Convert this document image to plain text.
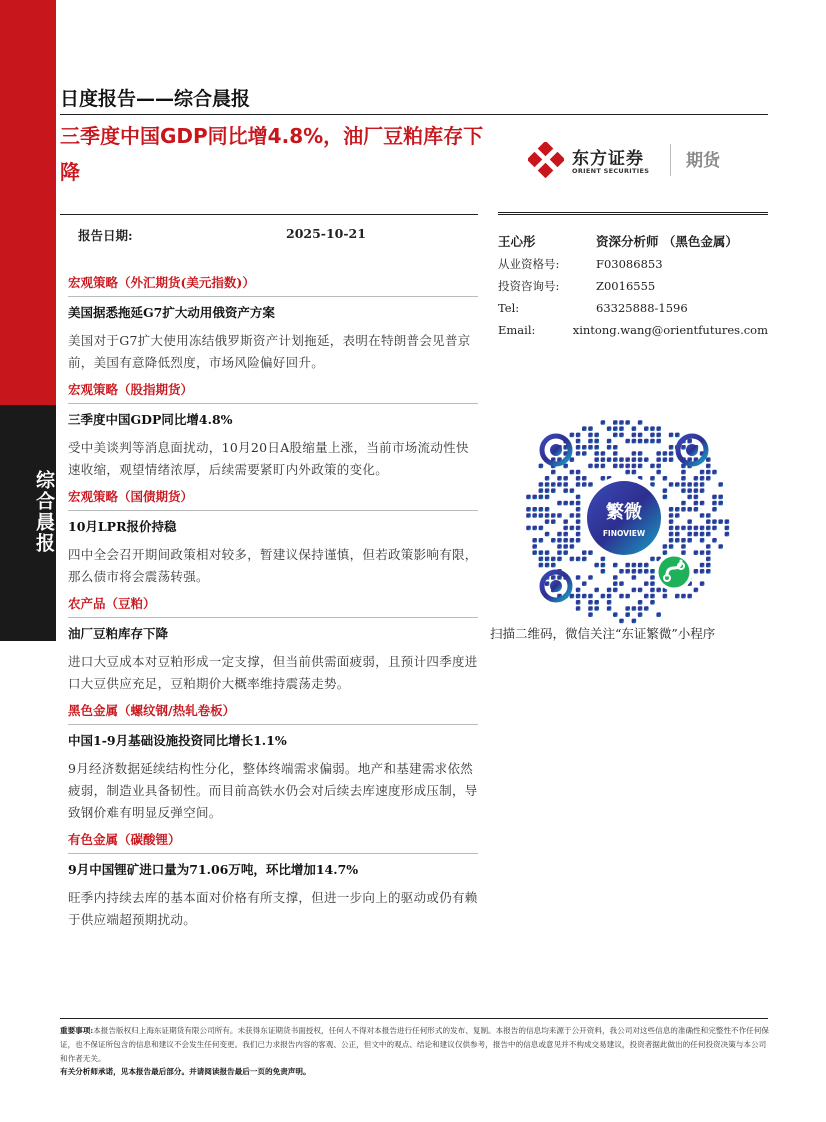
综合晨报
日度报告——综合晨报
三季度中国GDP同比增4.8%，油厂豆粕库存下降
东方证券
ORIENT SECURITIES 期货
报告日期:	2025-10-21
王心彤	资深分析师 （黑色金属）
从业资格号:	F03086853
投资咨询号:	Z0016555
Tel:	63325888-1596
Email:	xintong.wang@orientfutures.com
繁微
FINOVIEW
扫描二维码，微信关注“东证繁微”小程序
宏观策略（外汇期货(美元指数)）
美国据悉拖延G7扩大动用俄资产方案
美国对于G7扩大使用冻结俄罗斯资产计划拖延，表明在特朗普会见普京前，美国有意降低烈度，市场风险偏好回升。
宏观策略（股指期货）
三季度中国GDP同比增4.8%
受中美谈判等消息面扰动，10月20日A股缩量上涨，当前市场流动性快速收缩，观望情绪浓厚，后续需要紧盯内外政策的变化。
宏观策略（国债期货）
10月LPR报价持稳
四中全会召开期间政策相对较多，暂建议保持谨慎，但若政策影响有限，那么债市将会震荡转强。
农产品（豆粕）
油厂豆粕库存下降
进口大豆成本对豆粕形成一定支撑，但当前供需面疲弱，且预计四季度进口大豆供应充足，豆粕期价大概率维持震荡走势。
黑色金属（螺纹钢/热轧卷板）
中国1-9月基础设施投资同比增长1.1%
9月经济数据延续结构性分化，整体终端需求偏弱。地产和基建需求依然疲弱，制造业具备韧性。而目前高铁水仍会对后续去库速度形成压制，导致钢价难有明显反弹空间。
有色金属（碳酸锂）
9月中国锂矿进口量为71.06万吨，环比增加14.7%
旺季内持续去库的基本面对价格有所支撑，但进一步向上的驱动或仍有赖于供应端超预期扰动。
重要事项:本报告版权归上海东证期货有限公司所有。未获得东证期货书面授权，任何人不得对本报告进行任何形式的发布、复制。本报告的信息均来源于公开资料，我公司对这些信息的准确性和完整性不作任何保证，也不保证所包含的信息和建议不会发生任何变更。我们已力求报告内容的客观、公正，但文中的观点、结论和建议仅供参考，报告中的信息或意见并不构成交易建议，投资者据此做出的任何投资决策与本公司和作者无关。
有关分析师承诺，见本报告最后部分。并请阅读报告最后一页的免责声明。
